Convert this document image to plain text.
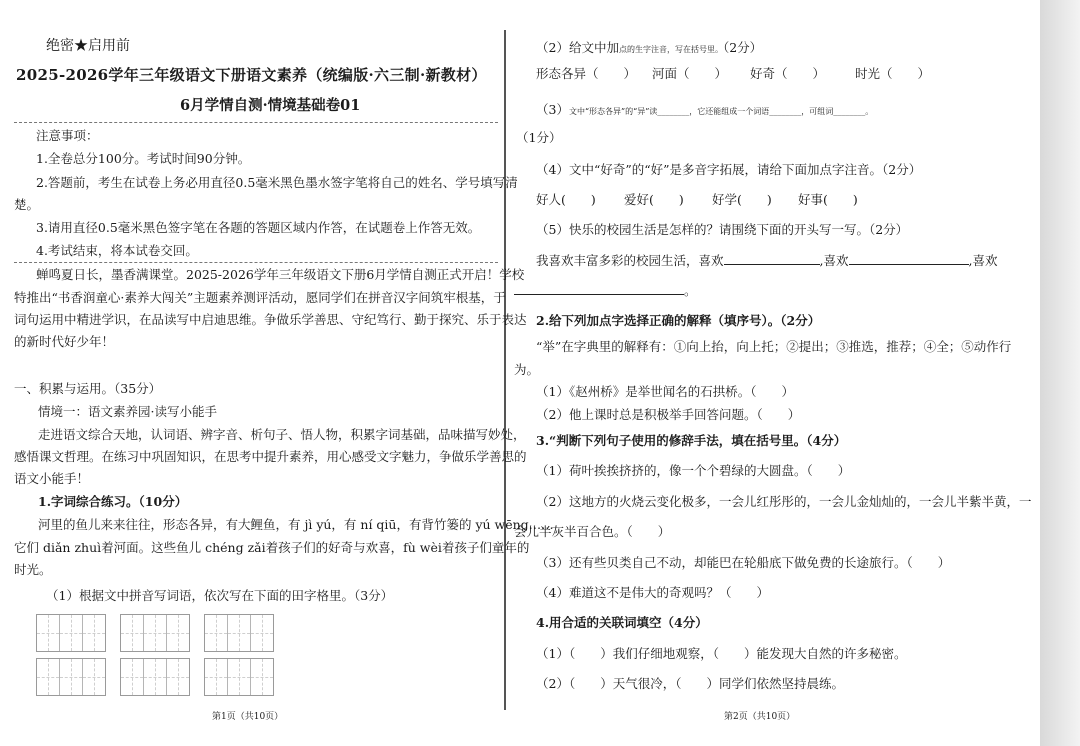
绝密★启用前
2025-2026学年三年级语文下册语文素养（统编版·六三制·新教材）
6月学情自测·情境基础卷01
注意事项：
1.全卷总分100分。考试时间90分钟。
2.答题前，考生在试卷上务必用直径0.5毫米黑色墨水签字笔将自己的姓名、学号填写清
楚。
3.请用直径0.5毫米黑色签字笔在各题的答题区域内作答，在试题卷上作答无效。
4.考试结束，将本试卷交回。
蝉鸣夏日长，墨香满课堂。2025-2026学年三年级语文下册6月学情自测正式开启！学校
特推出“书香润童心·素养大闯关”主题素养测评活动，愿同学们在拼音汉字间筑牢根基，于
词句运用中精进学识，在品读写中启迪思维。争做乐学善思、守纪笃行、勤于探究、乐于表达
的新时代好少年！
一、积累与运用。（35分）
情境一：语文素养园·读写小能手
走进语文综合天地，认词语、辨字音、析句子、悟人物，积累字词基础，品味描写妙处，
感悟课文哲理。在练习中巩固知识，在思考中提升素养，用心感受文字魅力，争做乐学善思的
语文小能手！
1.字词综合练习。（10分）
河里的鱼儿来来往往，形态各异，有大鲤鱼，有 jì yú，有 ní qiū，有背竹篓的 yú wēng……
它们 diǎn zhuì着河面。这些鱼儿 chéng zǎi着孩子们的好奇与欢喜，fù wèi着孩子们童年的
时光。
（1）根据文中拼音写词语，依次写在下面的田字格里。（3分）
第1页（共10页）
（2）给文中加点的生字注音，写在括号里。（2分）
形态各异（　　） 河面（　　） 好奇（　　） 时光（　　）
（3）文中“形态各异”的“异”读________，它还能组成一个词语________，可组词________。
（1分）
（4）文中“好奇”的“好”是多音字拓展，请给下面加点字注音。（2分）
好人(　　) 爱好(　　) 好学(　　) 好事(　　)
（5）快乐的校园生活是怎样的？请围绕下面的开头写一写。（2分）
我喜欢丰富多彩的校园生活，喜欢	,喜欢	,喜欢
。
2.给下列加点字选择正确的解释（填序号）。（2分）
“举”在字典里的解释有：①向上抬，向上托；②提出；③推选，推荐；④全；⑤动作行
为。
（1）《赵州桥》是举世闻名的石拱桥。（　　）
（2）他上课时总是积极举手回答问题。（　　）
3.“判断下列句子使用的修辞手法，填在括号里。（4分）
（1）荷叶挨挨挤挤的，像一个个碧绿的大圆盘。（　　）
（2）这地方的火烧云变化极多，一会儿红彤彤的，一会儿金灿灿的，一会儿半紫半黄，一
会儿半灰半百合色。（　　）
（3）还有些贝类自己不动，却能巴在轮船底下做免费的长途旅行。（　　）
（4）难道这不是伟大的奇观吗？（　　）
4.用合适的关联词填空（4分）
（1）（　　）我们仔细地观察，（　　）能发现大自然的许多秘密。
（2）（　　）天气很冷，（　　）同学们依然坚持晨练。
第2页（共10页）
